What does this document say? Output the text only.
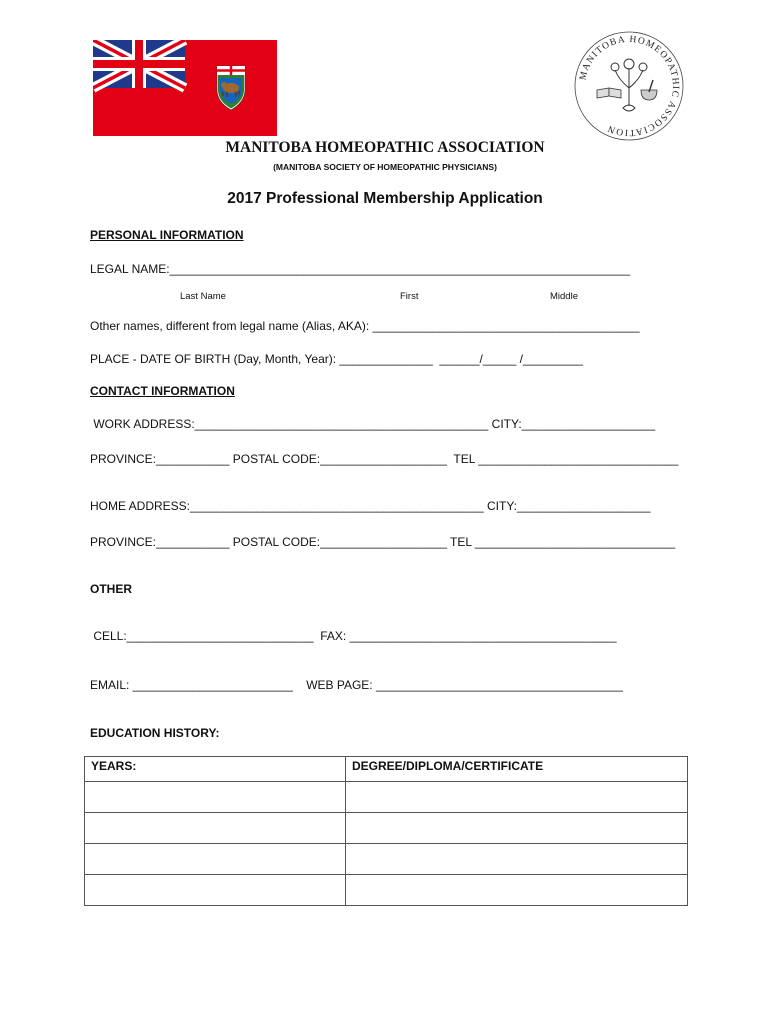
MANITOBA HOMEOPATHIC ASSOCIATION
MANITOBA HOMEOPATHIC ASSOCIATION
(MANITOBA SOCIETY OF HOMEOPATHIC PHYSICIANS)
2017 Professional Membership Application
PERSONAL INFORMATION
LEGAL NAME:_____________________________________________________________________
Last Name	First	Middle
Other names, different from legal name (Alias, AKA): ________________________________________
PLACE - DATE OF BIRTH (Day, Month, Year): ______________  ______/_____ /_________
CONTACT INFORMATION
WORK ADDRESS:____________________________________________ CITY:____________________
PROVINCE:___________ POSTAL CODE:___________________  TEL ______________________________
HOME ADDRESS:____________________________________________ CITY:____________________
PROVINCE:___________ POSTAL CODE:___________________ TEL ______________________________
OTHER
CELL:____________________________  FAX: ________________________________________
EMAIL: ________________________    WEB PAGE: _____________________________________
EDUCATION HISTORY:
YEARS:	DEGREE/DIPLOMA/CERTIFICATE
